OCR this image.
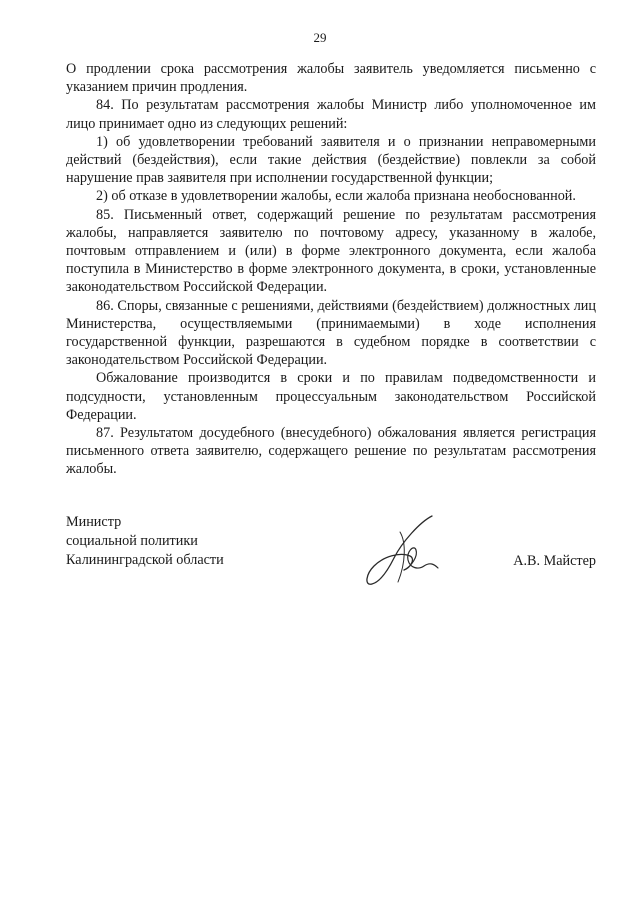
29

О продлении срока рассмотрения жалобы заявитель уведомляется письменно с указанием причин продления.

84. По результатам рассмотрения жалобы Министр либо уполномоченное им лицо принимает одно из следующих решений:

1) об удовлетворении требований заявителя и о признании неправомерными действий (бездействия), если такие действия (бездействие) повлекли за собой нарушение прав заявителя при исполнении государственной функции;

2) об отказе в удовлетворении жалобы, если жалоба признана необоснованной.

85. Письменный ответ, содержащий решение по результатам рассмотрения жалобы, направляется заявителю по почтовому адресу, указанному в жалобе, почтовым отправлением и (или) в форме электронного документа, если жалоба поступила в Министерство в форме электронного документа, в сроки, установленные законодательством Российской Федерации.

86. Споры, связанные с решениями, действиями (бездействием) должностных лиц Министерства, осуществляемыми (принимаемыми) в ходе исполнения государственной функции, разрешаются в судебном порядке в соответствии с законодательством Российской Федерации.

Обжалование производится в сроки и по правилам подведомственности и подсудности, установленным процессуальным законодательством Российской Федерации.

87. Результатом досудебного (внесудебного) обжалования является регистрация письменного ответа заявителю, содержащего решение по результатам рассмотрения жалобы.

Министр
социальной политики
Калининградской области	А.В. Майстер
